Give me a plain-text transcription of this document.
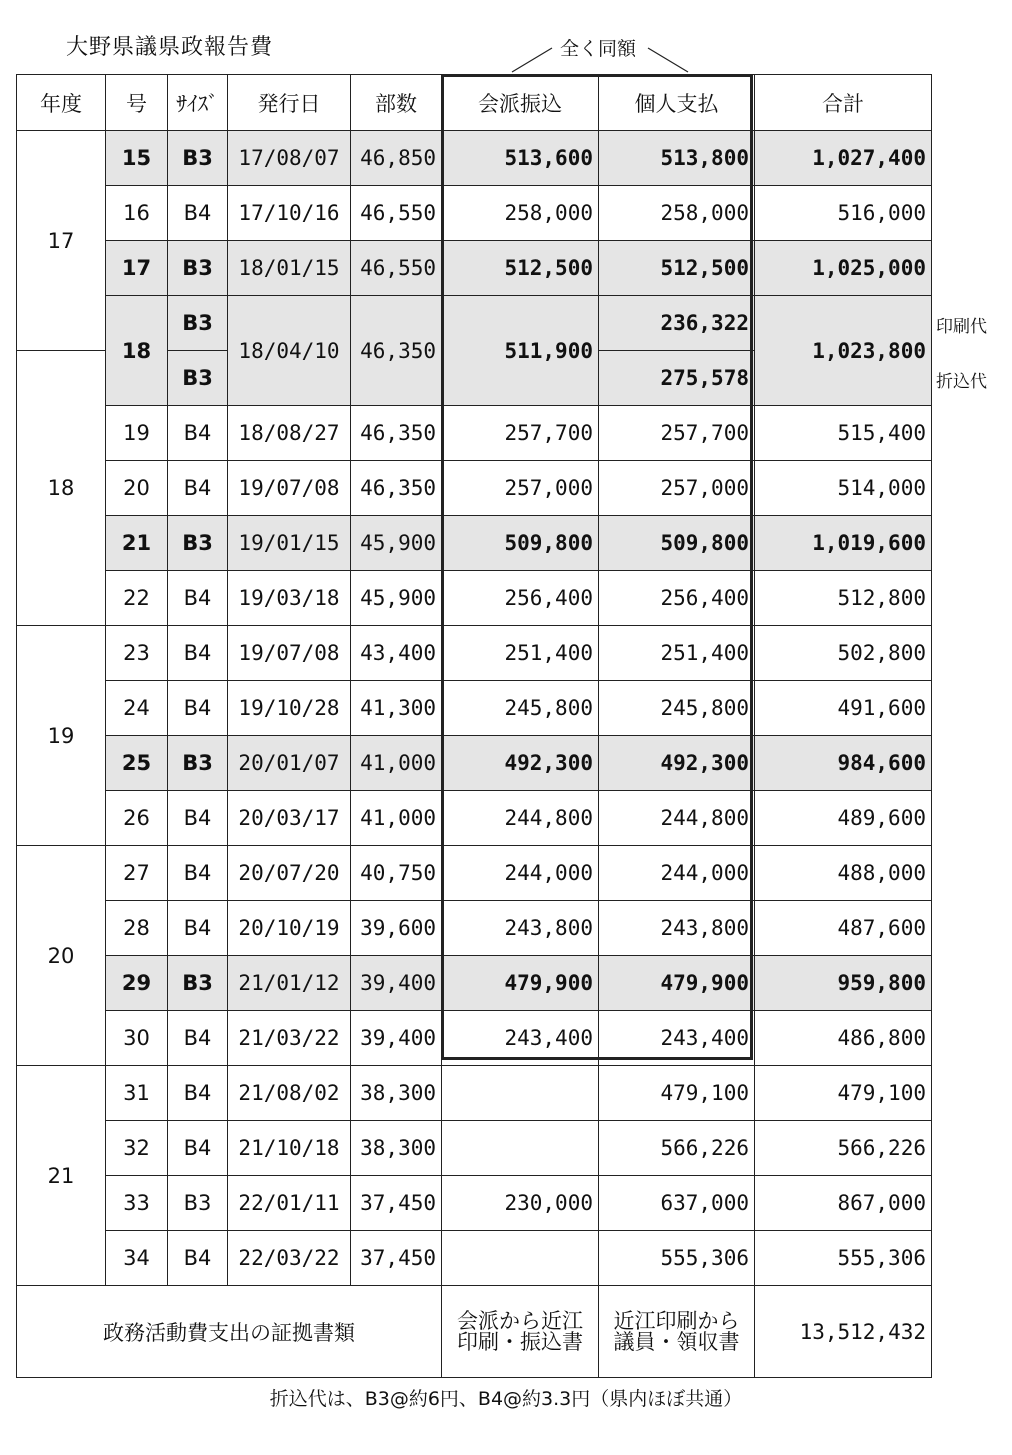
大野県議県政報告費	全く同額
年度	号	ｻｲｽﾞ	発行日	部数	会派振込	個人支払	合計
17	15	B3	17/08/07	46,850	513,600	513,800	1,027,400
	16	B4	17/10/16	46,550	258,000	258,000	516,000
	17	B3	18/01/15	46,550	512,500	512,500	1,025,000
	18	B3	18/04/10	46,350	511,900	236,322	1,023,800
18		B3				275,578	
	19	B4	18/08/27	46,350	257,700	257,700	515,400
	20	B4	19/07/08	46,350	257,000	257,000	514,000
	21	B3	19/01/15	45,900	509,800	509,800	1,019,600
	22	B4	19/03/18	45,900	256,400	256,400	512,800
19	23	B4	19/07/08	43,400	251,400	251,400	502,800
	24	B4	19/10/28	41,300	245,800	245,800	491,600
	25	B3	20/01/07	41,000	492,300	492,300	984,600
	26	B4	20/03/17	41,000	244,800	244,800	489,600
20	27	B4	20/07/20	40,750	244,000	244,000	488,000
	28	B4	20/10/19	39,600	243,800	243,800	487,600
	29	B3	21/01/12	39,400	479,900	479,900	959,800
	30	B4	21/03/22	39,400	243,400	243,400	486,800
21	31	B4	21/08/02	38,300		479,100	479,100
	32	B4	21/10/18	38,300		566,226	566,226
	33	B3	22/01/11	37,450	230,000	637,000	867,000
	34	B4	22/03/22	37,450		555,306	555,306
政務活動費支出の証拠書類					会派から近江印刷・振込書	近江印刷から議員・領収書	13,512,432
印刷代
折込代
折込代は、B3@約6円、B4@約3.3円（県内ほぼ共通）
